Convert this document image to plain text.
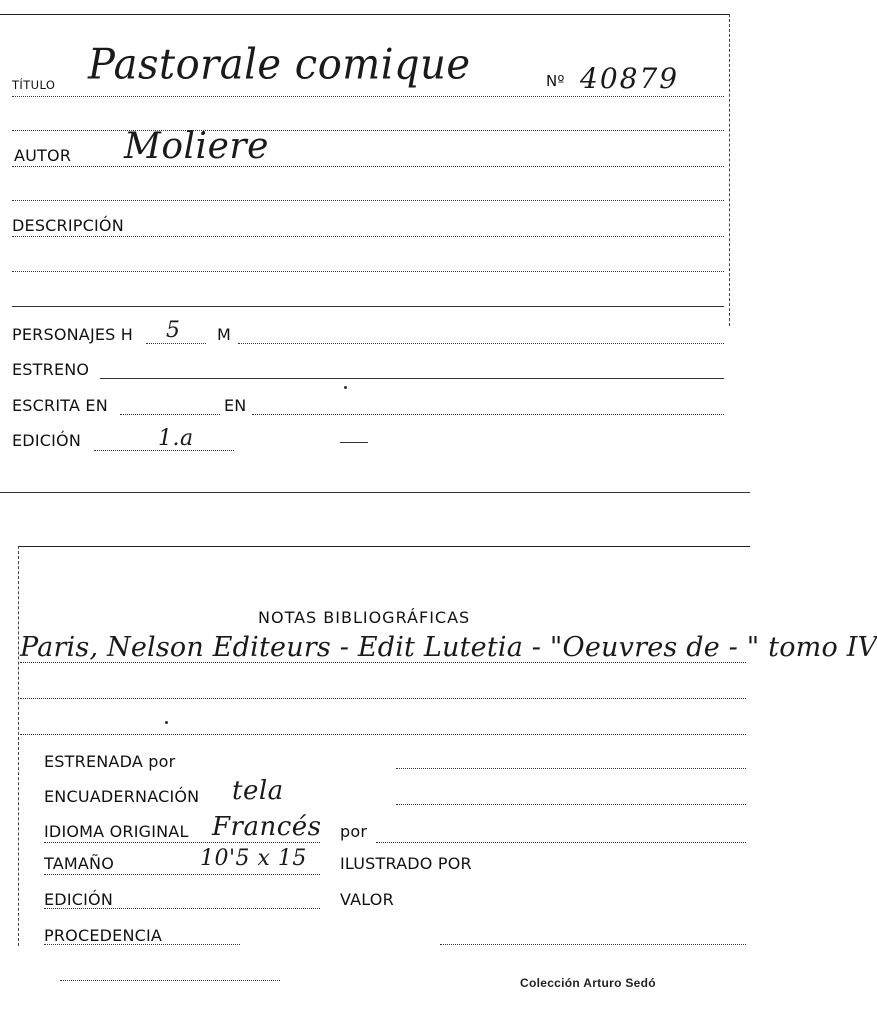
TÍTULO Pastorale comique	Nº 40879
AUTOR Moliere
DESCRIPCIÓN
PERSONAJES H 5 M
ESTRENO
ESCRITA EN	EN
EDICIÓN	1.a
NOTAS BIBLIOGRÁFICAS
Paris, Nelson Editeurs - Edit Lutetia - "Oeuvres de - " tomo IV
ESTRENADA por
ENCUADERNACIÓN tela
IDIOMA ORIGINAL Francés por
TAMAÑO	10'5 x 15 ILUSTRADO POR
EDICIÓN	VALOR
PROCEDENCIA
Colección Arturo Sedó
